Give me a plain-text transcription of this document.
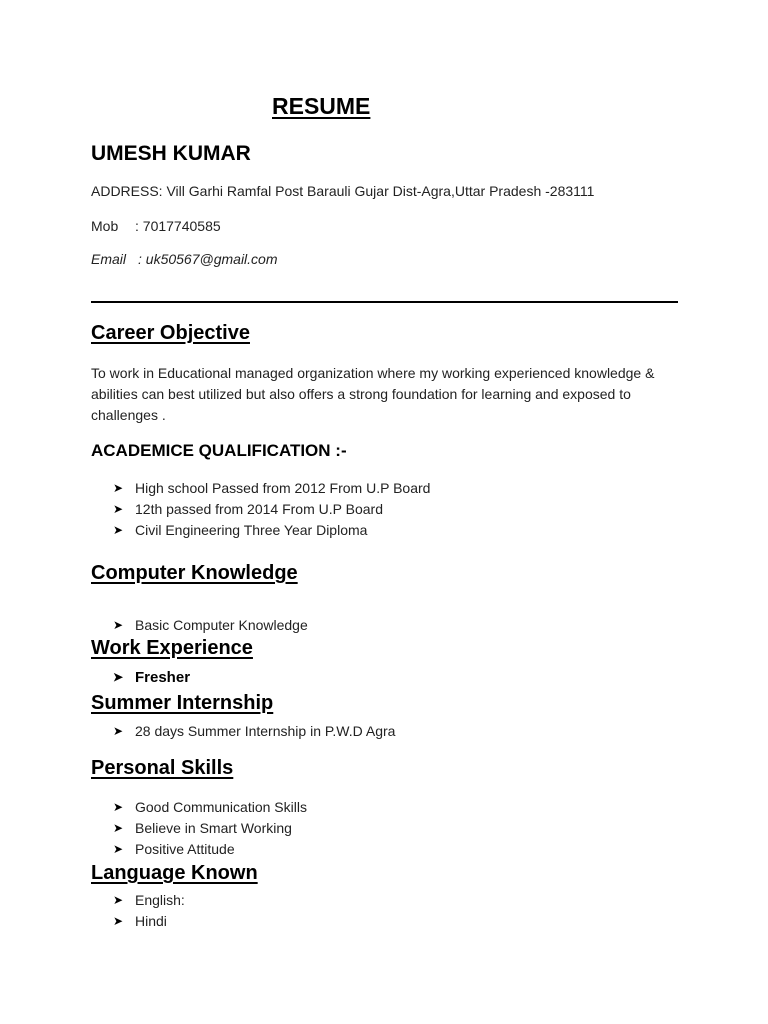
RESUME
UMESH KUMAR
ADDRESS: Vill Garhi Ramfal Post Barauli Gujar Dist-Agra,Uttar Pradesh -283111
Mob : 7017740585
Email : uk50567@gmail.com
Career Objective
To work in Educational managed organization where my working experienced knowledge & abilities can best utilized but also offers a strong foundation for learning and exposed to challenges .
ACADEMICE QUALIFICATION :-
➤ High school Passed from 2012 From U.P Board
➤ 12th passed from 2014 From U.P Board
➤ Civil Engineering Three Year Diploma
Computer Knowledge
➤ Basic Computer Knowledge
Work Experience
➤ Fresher
Summer Internship
➤ 28 days Summer Internship in P.W.D Agra
Personal Skills
➤ Good Communication Skills
➤ Believe in Smart Working
➤ Positive Attitude
Language Known
➤ English:
➤ Hindi
